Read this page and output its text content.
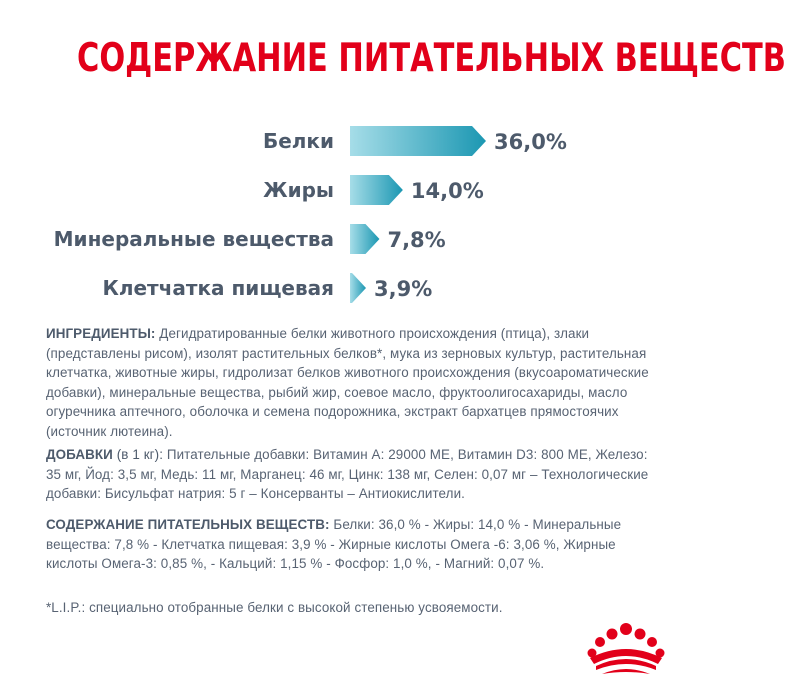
СОДЕРЖАНИЕ ПИТАТЕЛЬНЫХ ВЕЩЕСТВ
Белки	36,0%
Жиры	14,0%
Минеральные вещества	7,8%
Клетчатка пищевая 3,9%
ИНГРЕДИЕНТЫ: Дегидратированные белки животного происхождения (птица), злаки (представлены рисом), изолят растительных белков*, мука из зерновых культур, растительная клетчатка, животные жиры, гидролизат белков животного происхождения (вкусоароматические добавки), минеральные вещества, рыбий жир, соевое масло, фруктоолигосахариды, масло огуречника аптечного, оболочка и семена подорожника, экстракт бархатцев прямостоячих (источник лютеина).
ДОБАВКИ (в 1 кг): Питательные добавки: Витамин А: 29000 МЕ, Витамин D3: 800 МЕ, Железо: 35 мг, Йод: 3,5 мг, Медь: 11 мг, Марганец: 46 мг, Цинк: 138 мг, Селен: 0,07 мг – Технологические добавки: Бисульфат натрия: 5 г – Консерванты – Антиокислители.
СОДЕРЖАНИЕ ПИТАТЕЛЬНЫХ ВЕЩЕСТВ: Белки: 36,0 % - Жиры: 14,0 % - Минеральные вещества: 7,8 % - Клетчатка пищевая: 3,9 % - Жирные кислоты Омега -6: 3,06 %, Жирные кислоты Омега-3: 0,85 %, - Кальций: 1,15 % - Фосфор: 1,0 %, - Магний: 0,07 %.
*L.I.P.: специально отобранные белки с высокой степенью усвояемости.
